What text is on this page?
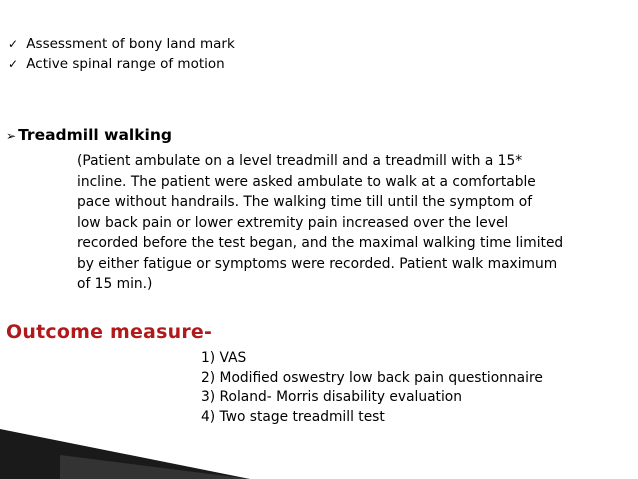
✓ Assessment of bony land mark
✓ Active spinal range of motion
➢ Treadmill walking
(Patient ambulate on a level treadmill and a treadmill with a 15*
incline. The patient were asked ambulate to walk at a comfortable
pace without handrails. The walking time till until the symptom of
low back pain or lower extremity pain increased over the level
recorded before the test began, and the maximal walking time limited
by either fatigue or symptoms were recorded. Patient walk maximum
of 15 min.)
Outcome measure-
1) VAS
2) Modified oswestry low back pain questionnaire
3) Roland- Morris disability evaluation
4) Two stage treadmill test
